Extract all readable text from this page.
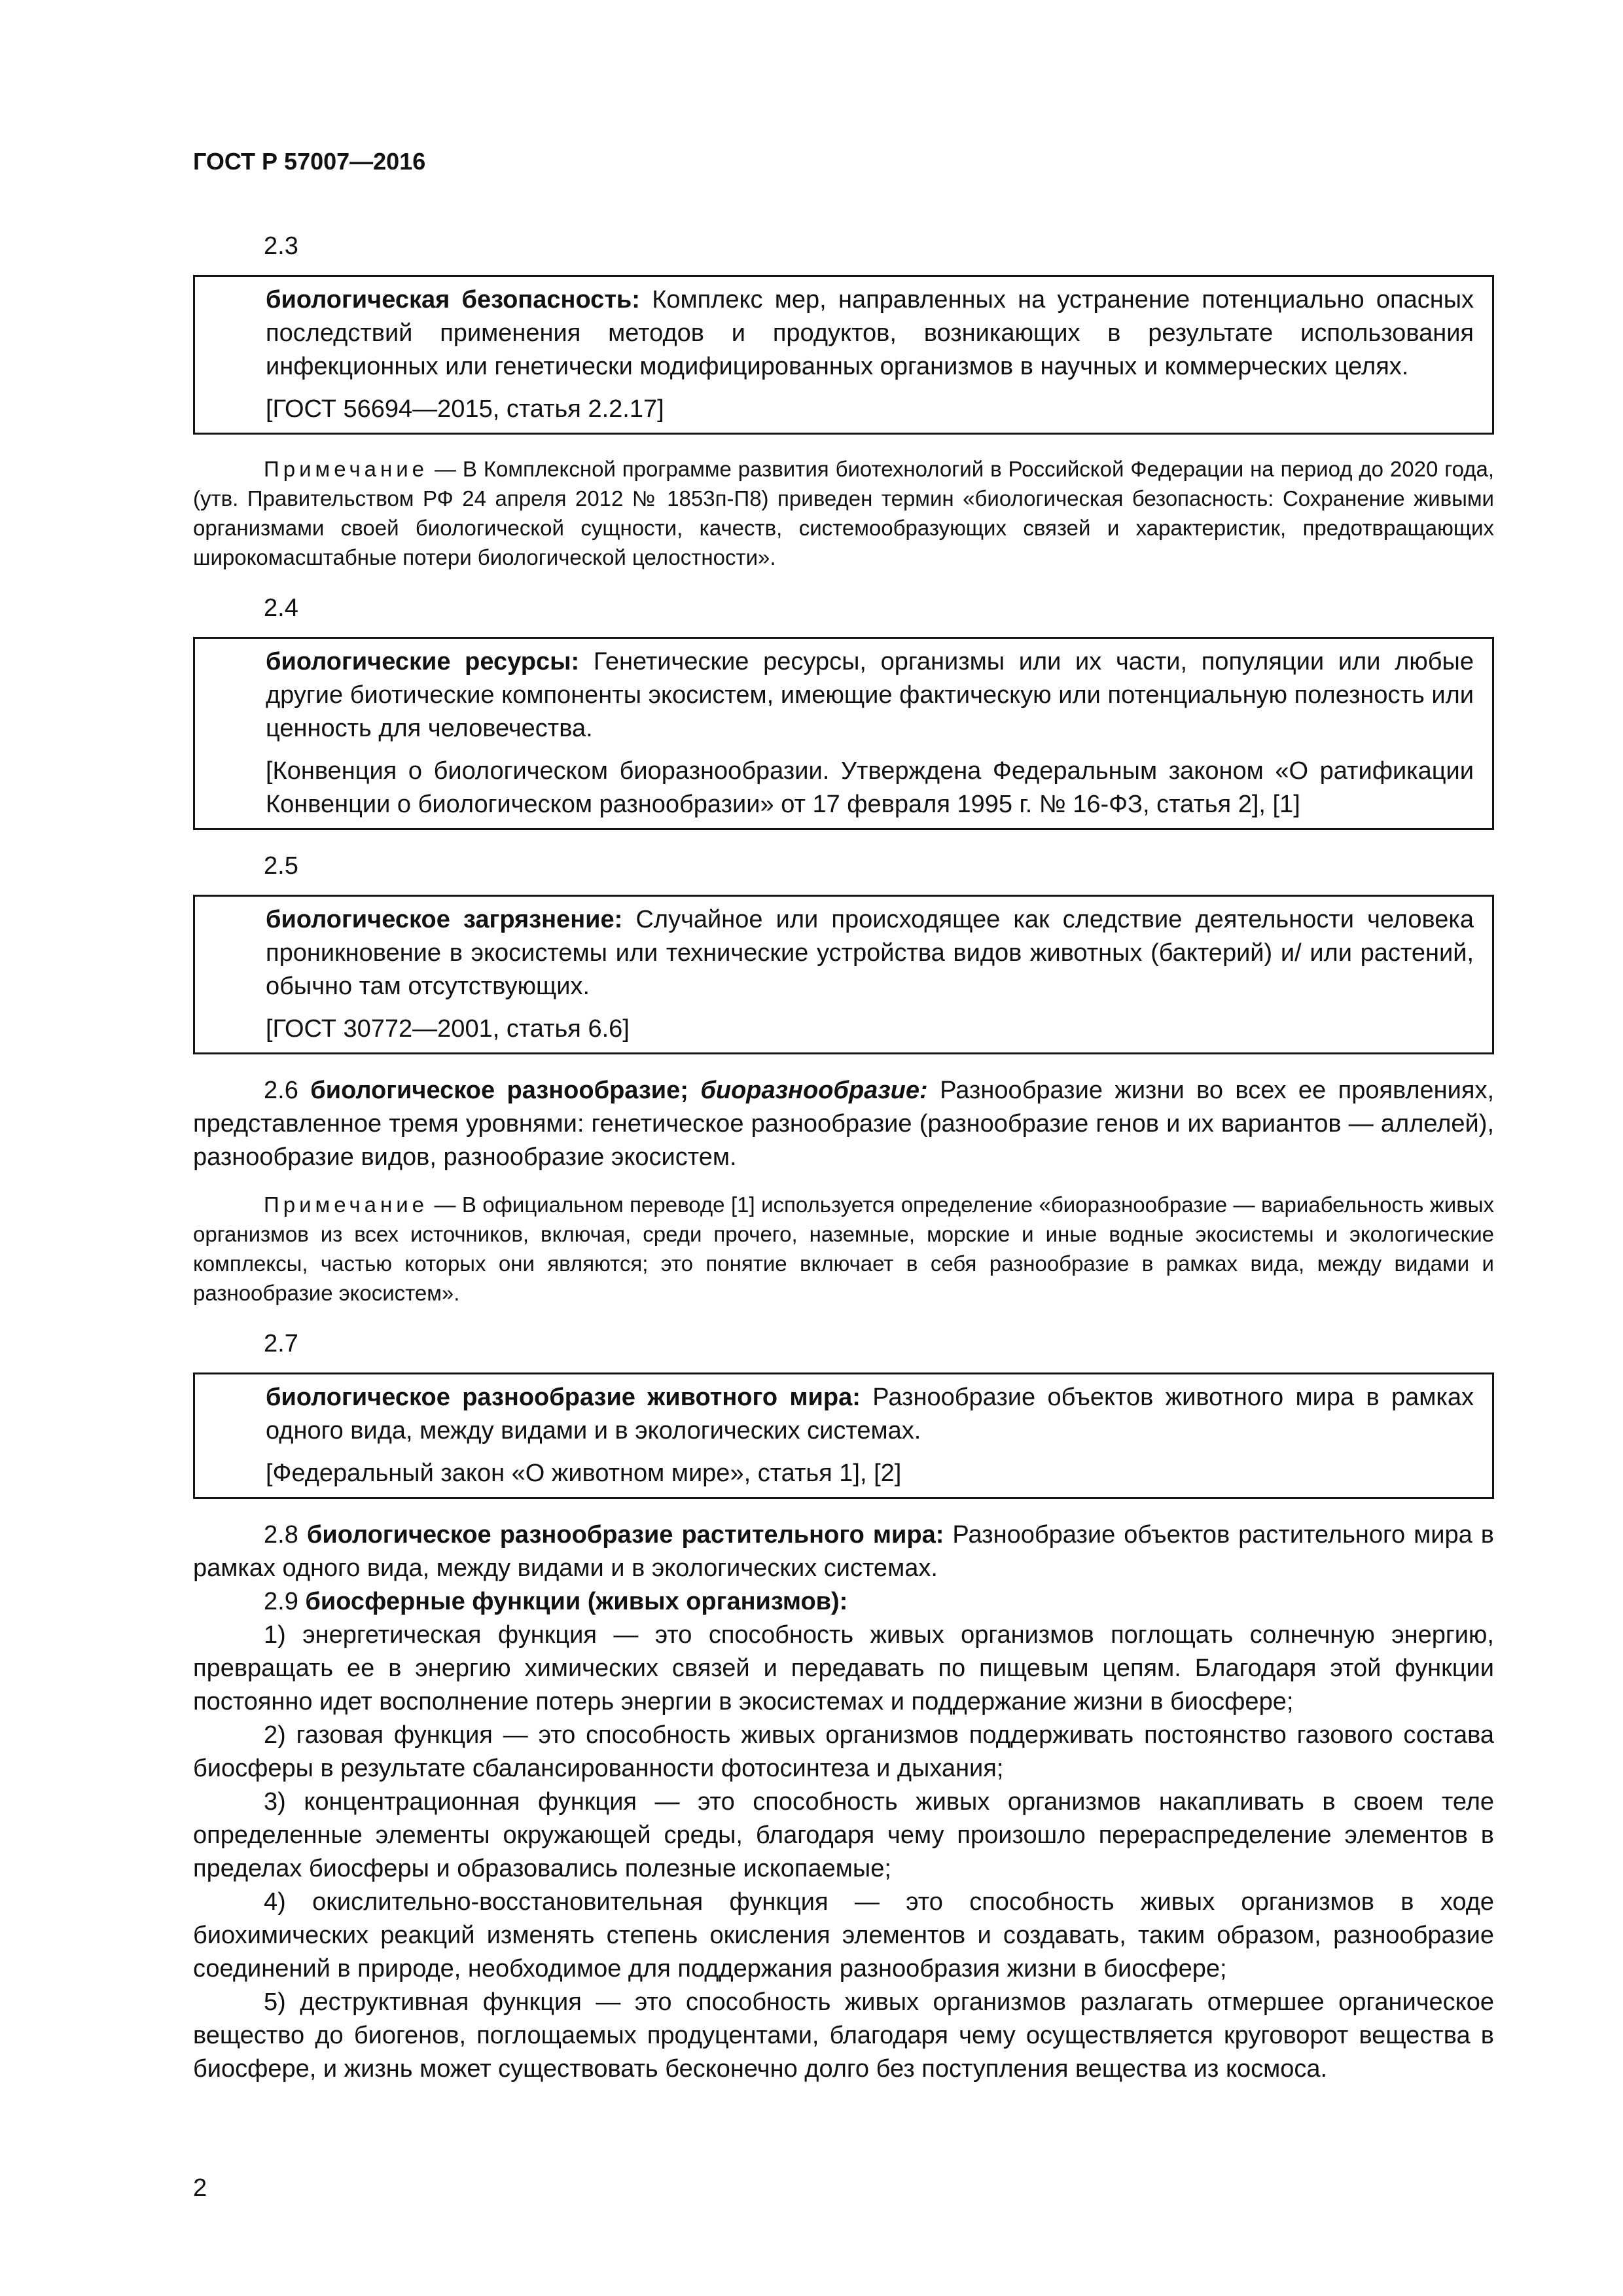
ГОСТ Р 57007—2016
2.3

биологическая безопасность: Комплекс мер, направленных на устранение потенциально опасных последствий применения методов и продуктов, возникающих в результате использования инфекционных или генетически модифицированных организмов в научных и коммерческих целях.

[ГОСТ 56694—2015, статья 2.2.17]

Примечание — В Комплексной программе развития биотехнологий в Российской Федерации на период до 2020 года, (утв. Правительством РФ 24 апреля 2012 № 1853п-П8) приведен термин «биологическая безопасность: Сохранение живыми организмами своей биологической сущности, качеств, системообразующих связей и характеристик, предотвращающих широкомасштабные потери биологической целостности».

2.4

биологические ресурсы: Генетические ресурсы, организмы или их части, популяции или любые другие биотические компоненты экосистем, имеющие фактическую или потенциальную полезность или ценность для человечества.

[Конвенция о биологическом биоразнообразии. Утверждена Федеральным законом «О ратификации Конвенции о биологическом разнообразии» от 17 февраля 1995 г. № 16-ФЗ, статья 2], [1]

2.5

биологическое загрязнение: Случайное или происходящее как следствие деятельности человека проникновение в экосистемы или технические устройства видов животных (бактерий) и/ или растений, обычно там отсутствующих.

[ГОСТ 30772—2001, статья 6.6]

2.6 биологическое разнообразие; биоразнообразие: Разнообразие жизни во всех ее проявлениях, представленное тремя уровнями: генетическое разнообразие (разнообразие генов и их вариантов — аллелей), разнообразие видов, разнообразие экосистем.

Примечание — В официальном переводе [1] используется определение «биоразнообразие — вариабельность живых организмов из всех источников, включая, среди прочего, наземные, морские и иные водные экосистемы и экологические комплексы, частью которых они являются; это понятие включает в себя разнообразие в рамках вида, между видами и разнообразие экосистем».

2.7

биологическое разнообразие животного мира: Разнообразие объектов животного мира в рамках одного вида, между видами и в экологических системах.

[Федеральный закон «О животном мире», статья 1], [2]

2.8 биологическое разнообразие растительного мира: Разнообразие объектов растительного мира в рамках одного вида, между видами и в экологических системах.

2.9 биосферные функции (живых организмов):

1) энергетическая функция — это способность живых организмов поглощать солнечную энергию, превращать ее в энергию химических связей и передавать по пищевым цепям. Благодаря этой функции постоянно идет восполнение потерь энергии в экосистемах и поддержание жизни в биосфере;

2) газовая функция — это способность живых организмов поддерживать постоянство газового состава биосферы в результате сбалансированности фотосинтеза и дыхания;

3) концентрационная функция — это способность живых организмов накапливать в своем теле определенные элементы окружающей среды, благодаря чему произошло перераспределение элементов в пределах биосферы и образовались полезные ископаемые;

4) окислительно-восстановительная функция — это способность живых организмов в ходе биохимических реакций изменять степень окисления элементов и создавать, таким образом, разнообразие соединений в природе, необходимое для поддержания разнообразия жизни в биосфере;

5) деструктивная функция — это способность живых организмов разлагать отмершее органическое вещество до биогенов, поглощаемых продуцентами, благодаря чему осуществляется круговорот вещества в биосфере, и жизнь может существовать бесконечно долго без поступления вещества из космоса.

2
